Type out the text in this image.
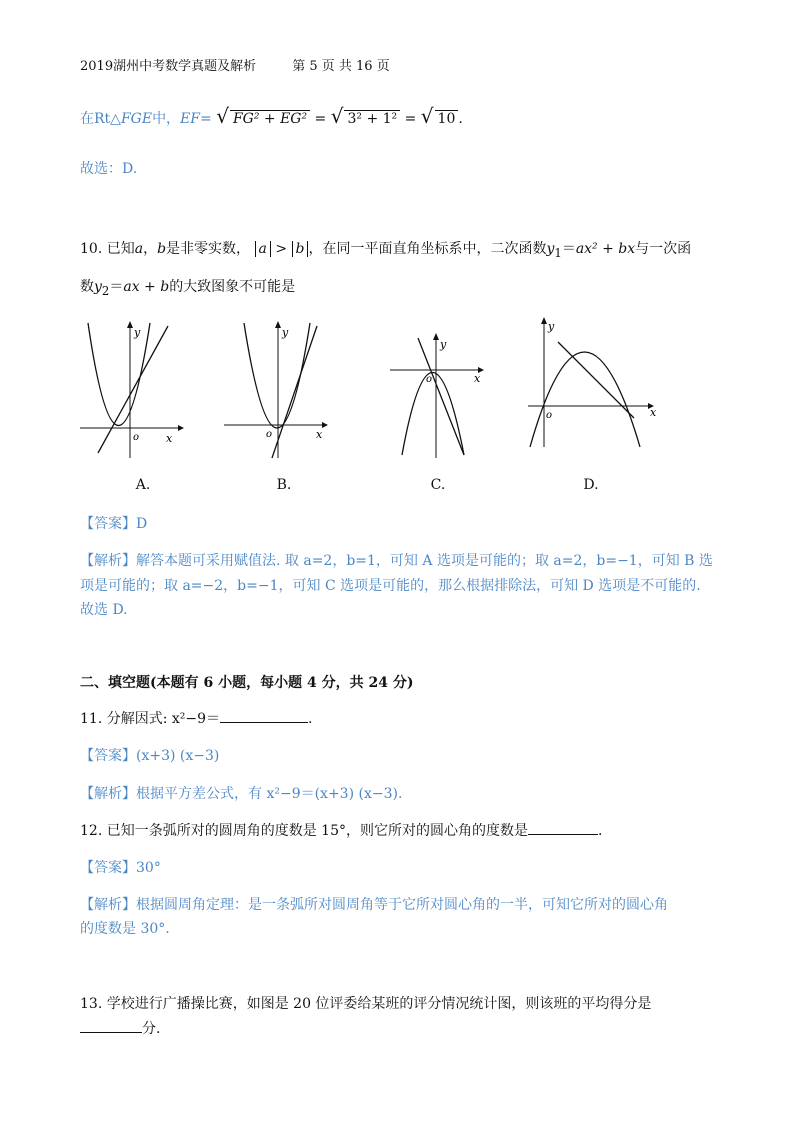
2019湖州中考数学真题及解析	第 5 页 共 16 页
在Rt△FGE中，EF= √ FG² + EG² = √ 3² + 1² = √ 10 .
故选：D.
10. 已知a，b是非零实数， a > b ，在同一平面直角坐标系中，二次函数$y_1=ax^2$ + bx与一次函
数$y_2=ax + b$的大致图象不可能是
y
x
o
y
x
o
y
x
o
y
x
o
A.	B.	C.	D.
【答案】D
【解析】解答本题可采用赋值法. 取 a=2，b=1，可知 A 选项是可能的；取 a=2，b=−1，可知 B 选
项是可能的；取 a=−2，b=−1，可知 C 选项是可能的，那么根据排除法，可知 D 选项是不可能的.
故选 D.
二、填空题(本题有 6 小题，每小题 4 分，共 24 分)
11. 分解因式: x²−9＝	.
【答案】(x+3) (x−3)
【解析】根据平方差公式，有 x²−9＝(x+3) (x−3).
12. 已知一条弧所对的圆周角的度数是 15°，则它所对的圆心角的度数是	.
【答案】30°
【解析】根据圆周角定理：是一条弧所对圆周角等于它所对圆心角的一半，可知它所对的圆心角
的度数是 30°.
13. 学校进行广播操比赛，如图是 20 位评委给某班的评分情况统计图，则该班的平均得分是
分.
